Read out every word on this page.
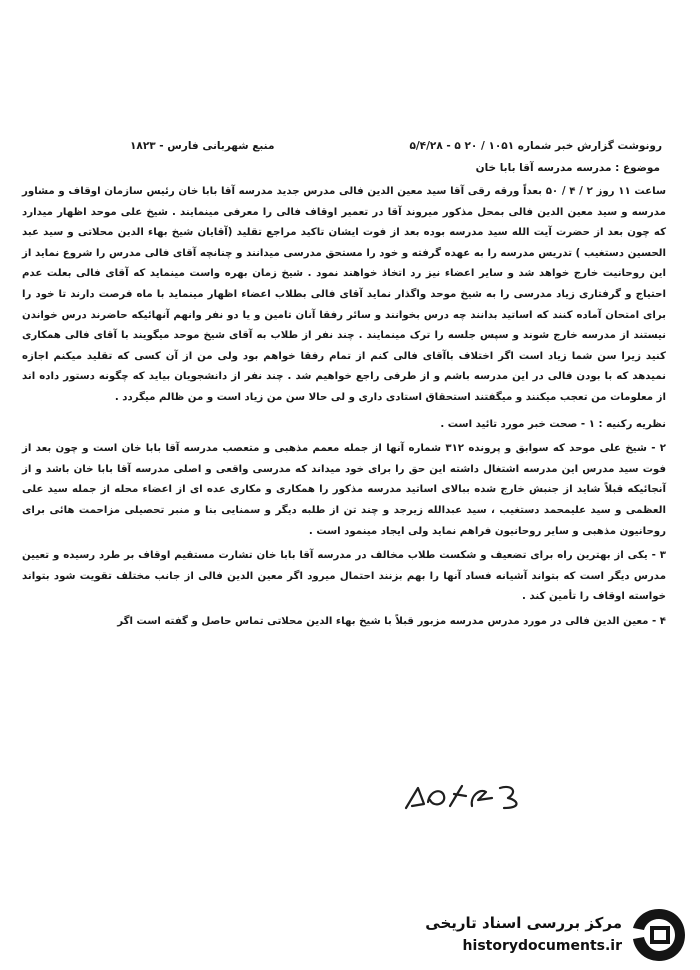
رونوشت گزارش خبر شماره ۱۰۵۱ / ۲۰ ۵ - ۵/۴/۲۸
منبع شهربانی فارس - ۱۸۲۳
موضوع : مدرسه مدرسه آقا بابا خان

ساعت ۱۱ روز ۲ / ۴ / ۵۰ بعداً ورقه رقی آقا سید معین الدین فالی مدرس جدید مدرسه آقا بابا خان رئیس سازمان اوقاف و مشاور مدرسه و سید معین الدین فالی بمحل مذکور میروند آقا در تعمیر اوقاف فالی را معرفی مینمایند . شیخ علی موحد اظهار میدارد که چون بعد از حضرت آیت الله سید مدرسه بوده بعد از فوت ایشان تاکید مراجع تقلید (آقایان شیخ بهاء الدین محلاتی و سید عبد الحسین دستغیب ) تدریس مدرسه را به عهده گرفته و خود را مستحق مدرسی میدانند و چنانچه آقای فالی مدرس را شروع نماید از این روحانیت خارج خواهد شد و سایر اعضاء نیز رد اتخاذ خواهند نمود . شیخ زمان بهره واست مینماید که آقای فالی بعلت عدم احتیاج و گرفتاری زیاد مدرسی را به شیخ موحد واگذار نماید آقای فالی بطلاب اعضاء اظهار مینماید با ماه فرصت دارند تا خود را برای امتحان آماده کنند که اساتید بدانند چه درس بخوانند و سائر رفقا آنان تامین و یا دو نفر وانهم آنهائیکه حاضرند درس خواندن نیستند از مدرسه خارج شوند و سپس جلسه را ترک مینمایند . چند نفر از طلاب به آقای شیخ موحد میگویند با آقای فالی همکاری کنید زیرا سن شما زیاد است اگر اختلاف باآقای فالی کنم از تمام رفقا خواهم بود ولی من از آن کسی که تقلید میکنم اجازه نمیدهد که با بودن فالی در این مدرسه باشم و از طرفی راجع خواهیم شد . چند نفر از دانشجویان بیاید که چگونه دستور داده اند از معلومات من تعجب میکنند و میگفتند استحقاق استادی داری و لی حالا سن من زیاد است و من ظالم میگردد .

نظریه رکنیه : ۱ - صحت خبر مورد تائید است .

۲ - شیخ علی موحد که سوابق و پرونده ۳۱۲ شماره آنها از جمله معمم مذهبی و متعصب مدرسه آقا بابا خان است و چون بعد از فوت سید مدرس این مدرسه اشتغال داشته این حق را برای خود میداند که مدرسی واقعی و اصلی مدرسه آقا بابا خان باشد و از آنجائیکه قبلاً شاید از جنبش خارج شده ببالای اساتید مدرسه مذکور را همکاری و مکاری عده ای از اعضاء محله از جمله سید علی العظمی و سید علیمحمد دستغیب ، سید عبدالله زیرجد و چند تن از طلبه دیگر و سمنایی بنا و منبر تحصیلی مزاحمت هائی برای روحانیون مذهبی و سایر روحانیون فراهم نماید ولی ایجاد مینمود است .

۳ - یکی از بهترین راه برای تضعیف و شکست طلاب مخالف در مدرسه آقا بابا خان تشارت مستقیم اوقاف بر طرد رسیده و تعیین مدرس دیگر است که بتواند آشیانه فساد آنها را بهم بزنند احتمال میرود اگر معین الدین فالی از جانب مختلف تقویت شود بتواند خواسته اوقاف را تأمین کند .

۴ - معین الدین فالی در مورد مدرس مدرسه مزبور قبلاً با شیخ بهاء الدین محلاتی تماس حاصل و گفته است اگر

مرکز بررسی اسناد تاریخی
historydocuments.ir
